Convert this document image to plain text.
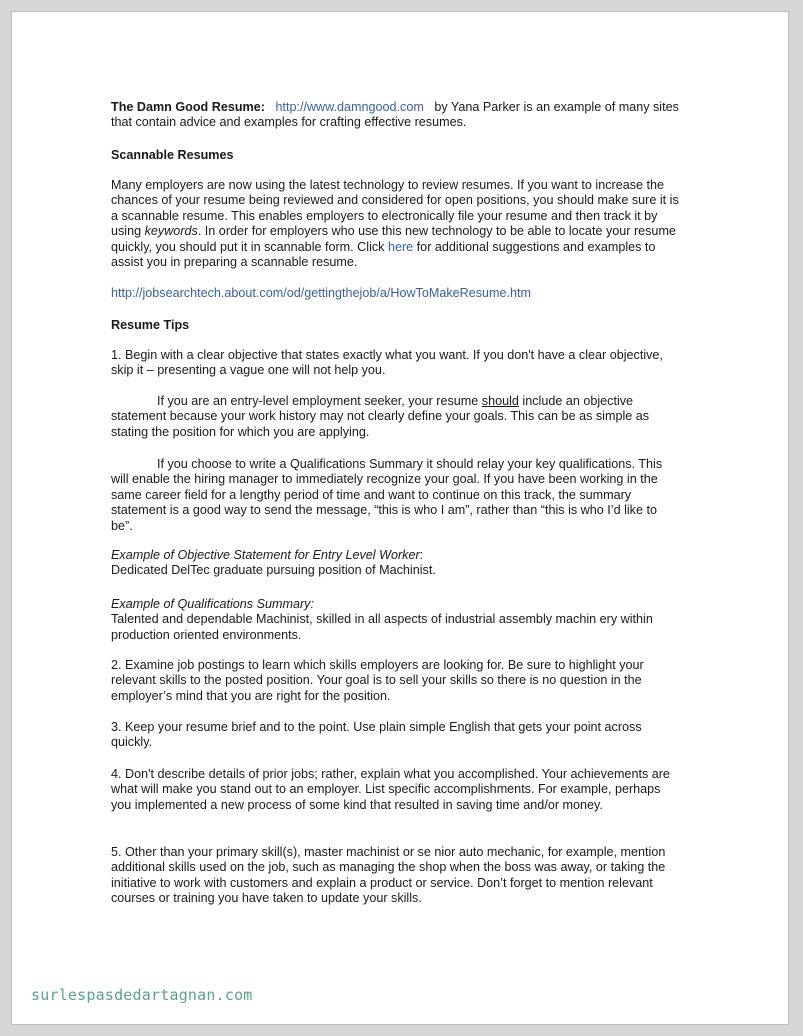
The Damn Good Resume: http://www.damngood.com by Yana Parker is an example of many sites that contain advice and examples for crafting effective resumes.

Scannable Resumes

Many employers are now using the latest technology to review resumes. If you want to increase the chances of your resume being reviewed and considered for open positions, you should make sure it is a scannable resume. This enables employers to electronically file your resume and then track it by using keywords. In order for employers who use this new technology to be able to locate your resume quickly, you should put it in scannable form. Click here for additional suggestions and examples to assist you in preparing a scannable resume.

http://jobsearchtech.about.com/od/gettingthejob/a/HowToMakeResume.htm

Resume Tips

1. Begin with a clear objective that states exactly what you want. If you don't have a clear objective, skip it – presenting a vague one will not help you.

If you are an entry-level employment seeker, your resume should include an objective statement because your work history may not clearly define your goals. This can be as simple as stating the position for which you are applying.

If you choose to write a Qualifications Summary it should relay your key qualifications. This will enable the hiring manager to immediately recognize your goal. If you have been working in the same career field for a lengthy period of time and want to continue on this track, the summary statement is a good way to send the message, “this is who I am”, rather than “this is who I’d like to be”.

Example of Objective Statement for Entry Level Worker:
Dedicated DelTec graduate pursuing position of Machinist.

Example of Qualifications Summary:
Talented and dependable Machinist, skilled in all aspects of industrial assembly machin ery within production oriented environments.

2. Examine job postings to learn which skills employers are looking for. Be sure to highlight your relevant skills to the posted position. Your goal is to sell your skills so there is no question in the employer’s mind that you are right for the position.

3. Keep your resume brief and to the point. Use plain simple English that gets your point across quickly.

4. Don't describe details of prior jobs; rather, explain what you accomplished. Your achievements are what will make you stand out to an employer. List specific accomplishments. For example, perhaps you implemented a new process of some kind that resulted in saving time and/or money.

5. Other than your primary skill(s), master machinist or se nior auto mechanic, for example, mention additional skills used on the job, such as managing the shop when the boss was away, or taking the initiative to work with customers and explain a product or service. Don’t forget to mention relevant courses or training you have taken to update your skills.

surlespasdedartagnan.com
